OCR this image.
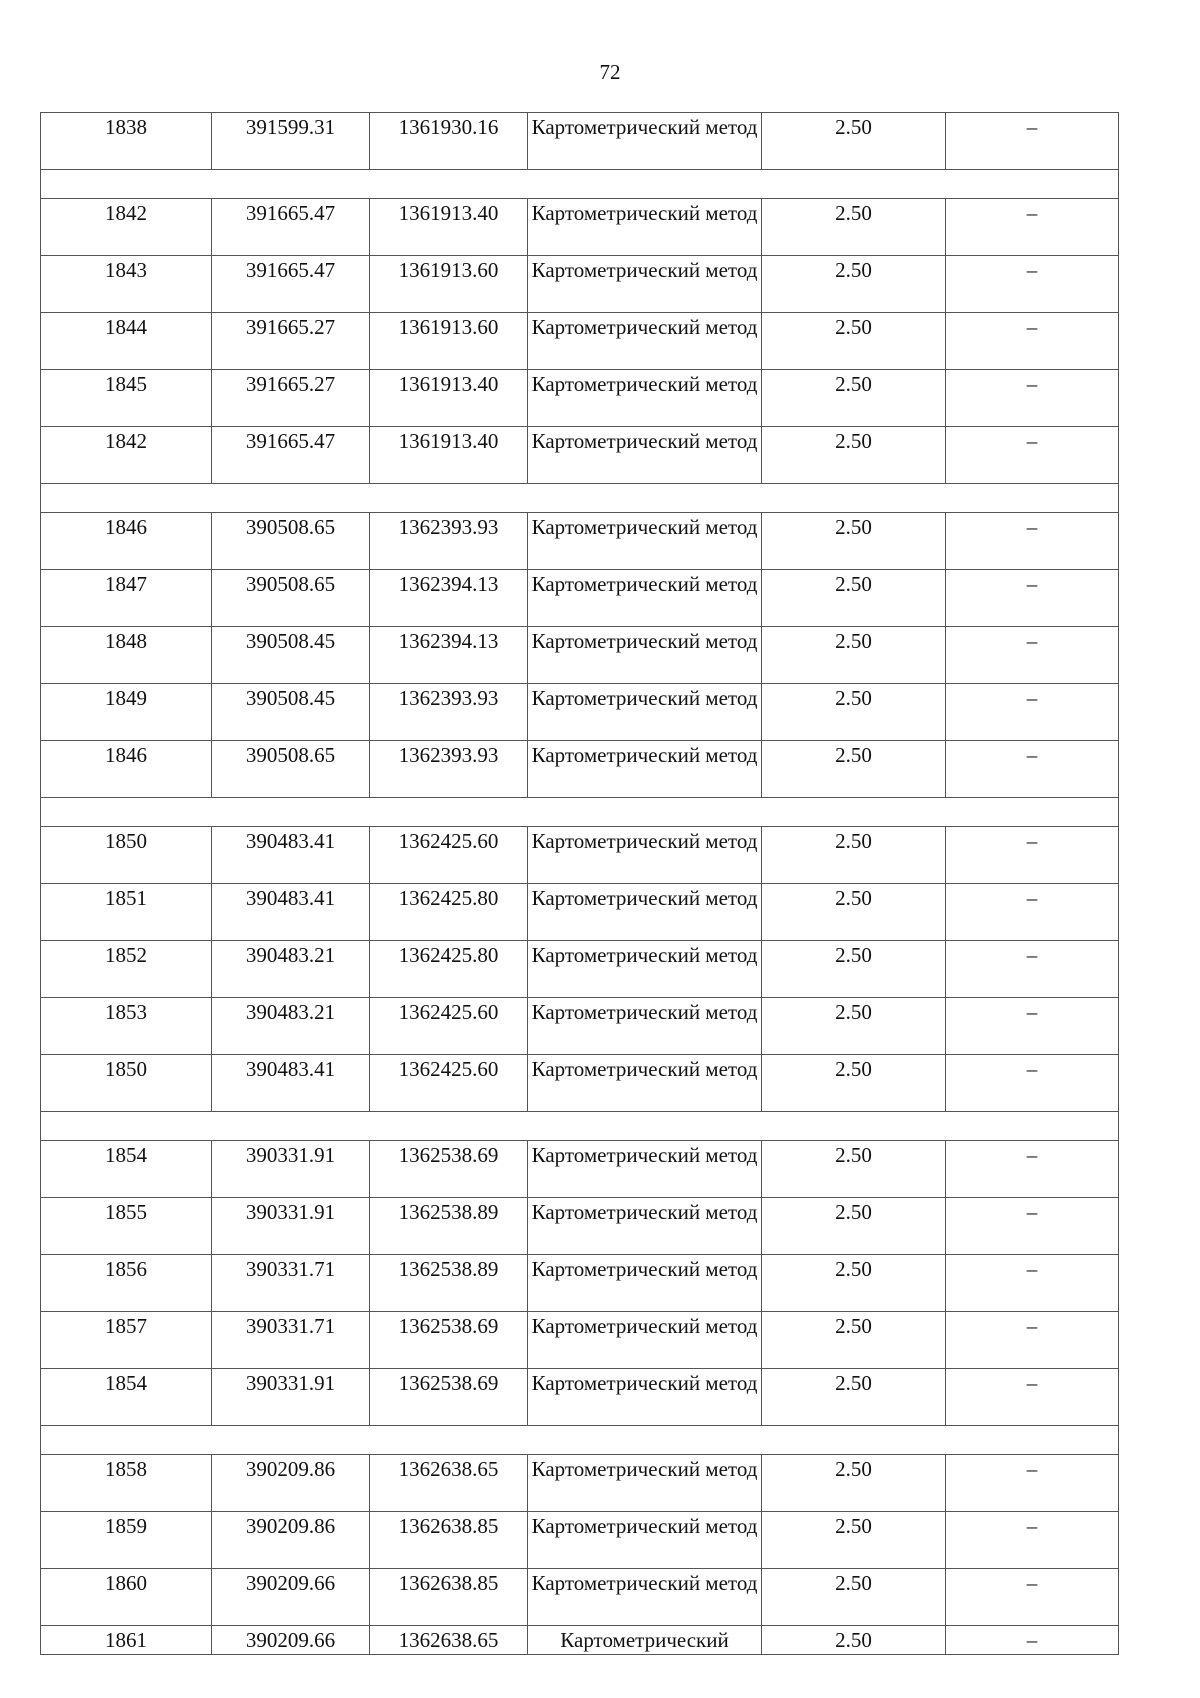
72
1838	391599.31	1361930.16	Картометрический метод	2.50	–

1842	391665.47	1361913.40	Картометрический метод	2.50	–
1843	391665.47	1361913.60	Картометрический метод	2.50	–
1844	391665.27	1361913.60	Картометрический метод	2.50	–
1845	391665.27	1361913.40	Картометрический метод	2.50	–
1842	391665.47	1361913.40	Картометрический метод	2.50	–

1846	390508.65	1362393.93	Картометрический метод	2.50	–
1847	390508.65	1362394.13	Картометрический метод	2.50	–
1848	390508.45	1362394.13	Картометрический метод	2.50	–
1849	390508.45	1362393.93	Картометрический метод	2.50	–
1846	390508.65	1362393.93	Картометрический метод	2.50	–

1850	390483.41	1362425.60	Картометрический метод	2.50	–
1851	390483.41	1362425.80	Картометрический метод	2.50	–
1852	390483.21	1362425.80	Картометрический метод	2.50	–
1853	390483.21	1362425.60	Картометрический метод	2.50	–
1850	390483.41	1362425.60	Картометрический метод	2.50	–

1854	390331.91	1362538.69	Картометрический метод	2.50	–
1855	390331.91	1362538.89	Картометрический метод	2.50	–
1856	390331.71	1362538.89	Картометрический метод	2.50	–
1857	390331.71	1362538.69	Картометрический метод	2.50	–
1854	390331.91	1362538.69	Картометрический метод	2.50	–

1858	390209.86	1362638.65	Картометрический метод	2.50	–
1859	390209.86	1362638.85	Картометрический метод	2.50	–
1860	390209.66	1362638.85	Картометрический метод	2.50	–
1861	390209.66	1362638.65	Картометрический	2.50	–
